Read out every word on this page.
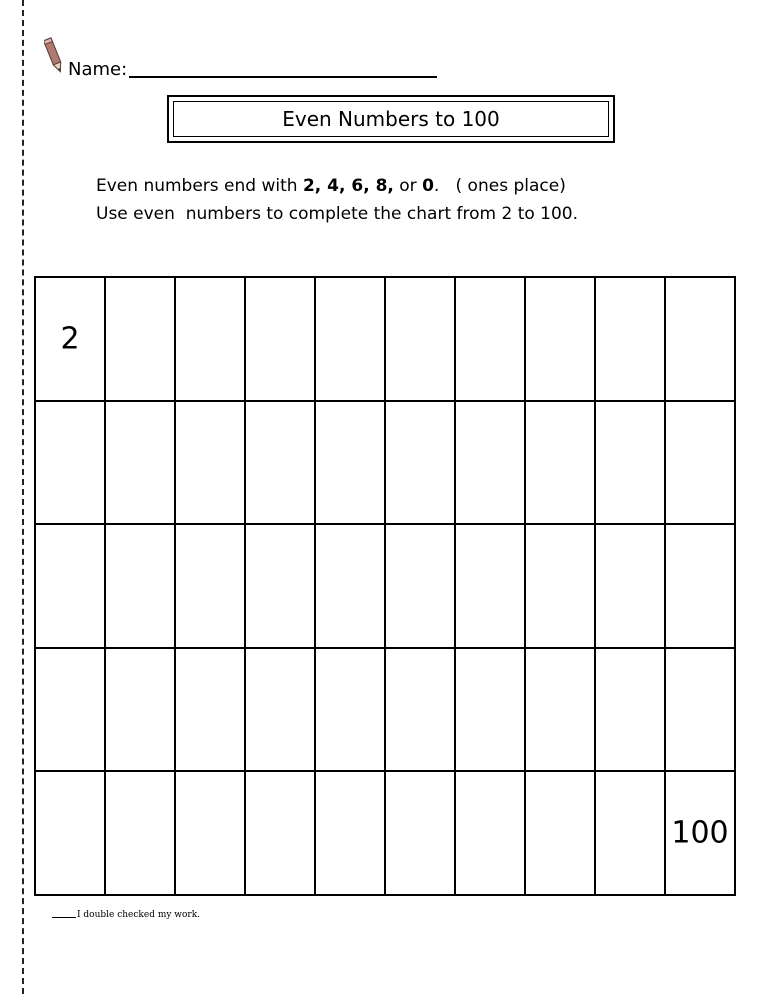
Name:
Even Numbers to 100
Even numbers end with 2, 4, 6, 8, or 0.   ( ones place)
Use even  numbers to complete the chart from 2 to 100.
2
100
I double checked my work.
